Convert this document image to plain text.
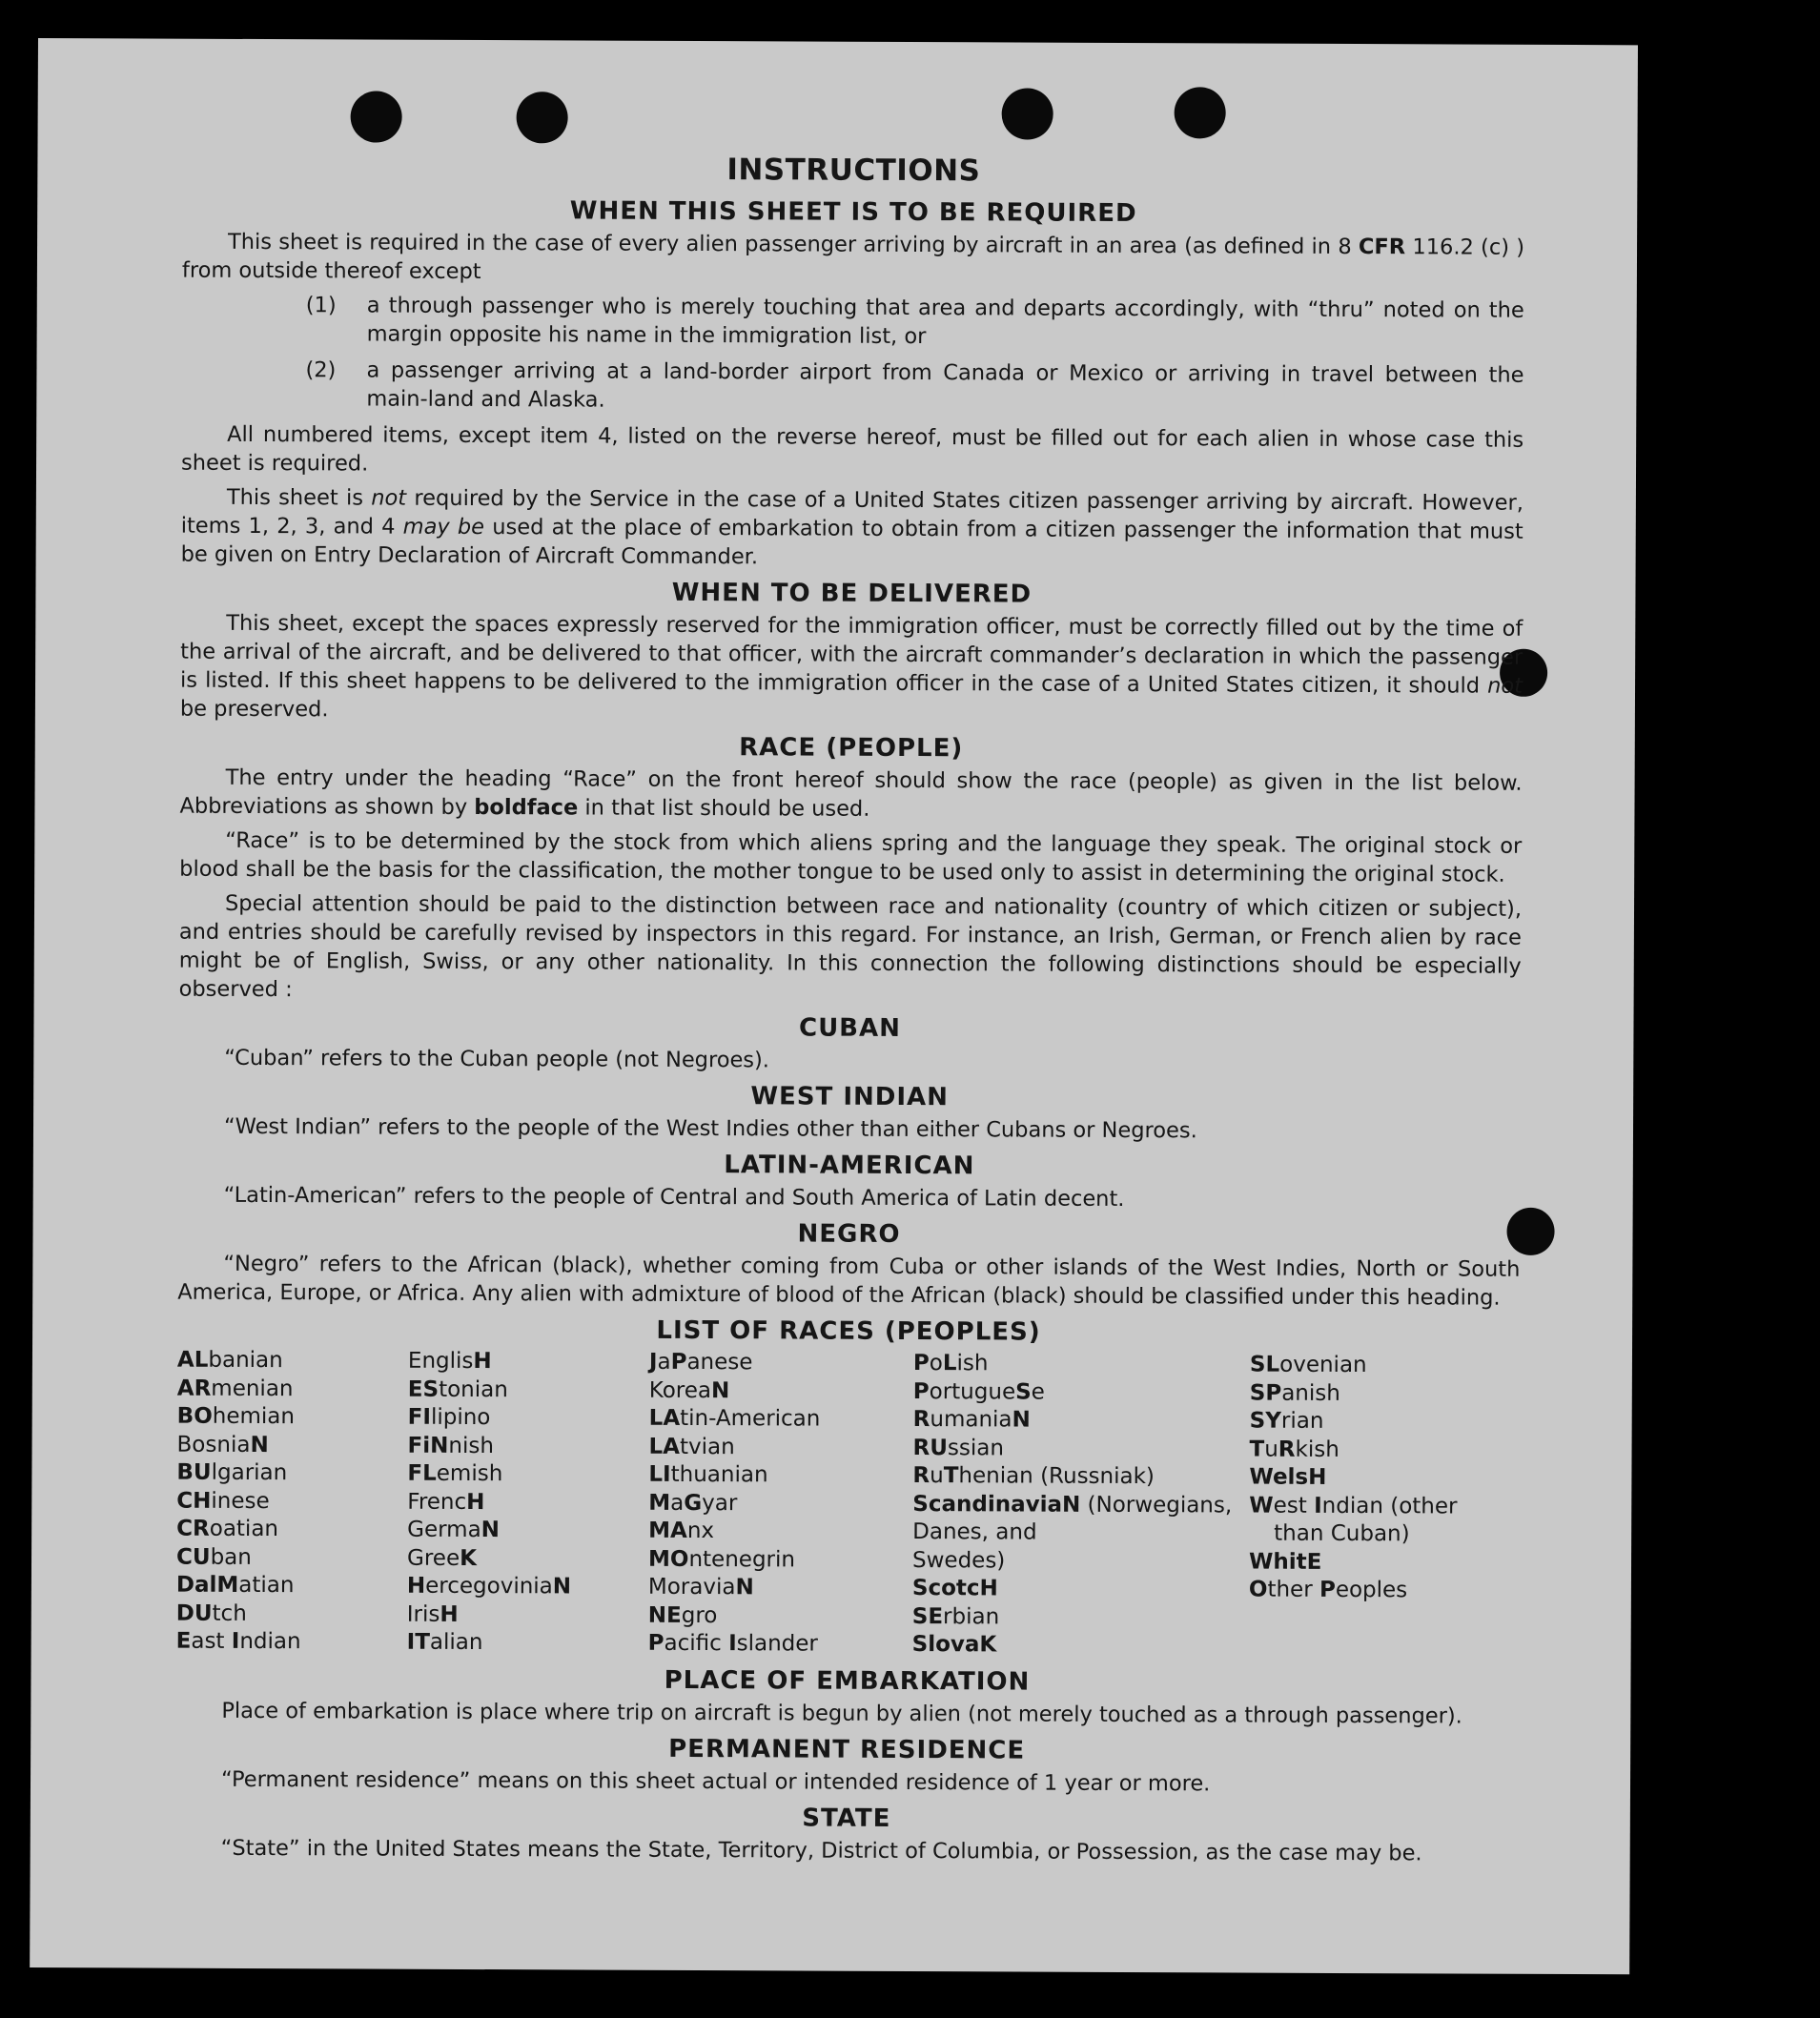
INSTRUCTIONS
WHEN THIS SHEET IS TO BE REQUIRED

This sheet is required in the case of every alien passenger arriving by aircraft in an area (as defined in 8 CFR 116.2 (c) ) from outside thereof except

(1)	a through passenger who is merely touching that area and departs accordingly, with “thru” noted on the margin opposite his name in the immigration list, or
(2)	a passenger arriving at a land-border airport from Canada or Mexico or arriving in travel between the main-land and Alaska.

All numbered items, except item 4, listed on the reverse hereof, must be filled out for each alien in whose case this sheet is required.

This sheet is not required by the Service in the case of a United States citizen passenger arriving by aircraft. However, items 1, 2, 3, and 4 may be used at the place of embarkation to obtain from a citizen passenger the information that must be given on Entry Declaration of Aircraft Commander.

WHEN TO BE DELIVERED

This sheet, except the spaces expressly reserved for the immigration officer, must be correctly filled out by the time of the arrival of the aircraft, and be delivered to that officer, with the aircraft commander’s declaration in which the passenger is listed. If this sheet happens to be delivered to the immigration officer in the case of a United States citizen, it should not be preserved.

RACE (PEOPLE)

The entry under the heading “Race” on the front hereof should show the race (people) as given in the list below. Abbreviations as shown by boldface in that list should be used.

“Race” is to be determined by the stock from which aliens spring and the language they speak. The original stock or blood shall be the basis for the classification, the mother tongue to be used only to assist in determining the original stock.

Special attention should be paid to the distinction between race and nationality (country of which citizen or subject), and entries should be carefully revised by inspectors in this regard. For instance, an Irish, German, or French alien by race might be of English, Swiss, or any other nationality. In this connection the following distinctions should be especially observed :

CUBAN

“Cuban” refers to the Cuban people (not Negroes).

WEST INDIAN

“West Indian” refers to the people of the West Indies other than either Cubans or Negroes.

LATIN-AMERICAN

“Latin-American” refers to the people of Central and South America of Latin decent.

NEGRO

“Negro” refers to the African (black), whether coming from Cuba or other islands of the West Indies, North or South America, Europe, or Africa. Any alien with admixture of blood of the African (black) should be classified under this heading.

LIST OF RACES (PEOPLES)
ALbanian
ARmenian
BOhemian
BosniaN
BUlgarian
CHinese
CRoatian
CUban
DalMatian
DUtch
East Indian
EnglisH
EStonian
FIlipino
FiNnish
FLemish
FrencH
GermaN
GreeK
HercegoviniaN
IrisH
ITalian
JaPanese
KoreaN
LAtin-American
LAtvian
LIthuanian
MaGyar
MAnx
MOntenegrin
MoraviaN
NEgro
Pacific Islander
PoLish
PortugueSe
RumaniaN
RUssian
RuThenian (Russniak)
ScandinaviaN (Norwegians,
Danes, and
Swedes)
ScotcH
SErbian
SlovaK
SLovenian
SPanish
SYrian
TuRkish
WelsH
West Indian (other
than Cuban)
WhitE
Other Peoples
PLACE OF EMBARKATION

Place of embarkation is place where trip on aircraft is begun by alien (not merely touched as a through passenger).

PERMANENT RESIDENCE

“Permanent residence” means on this sheet actual or intended residence of 1 year or more.

STATE

“State” in the United States means the State, Territory, District of Columbia, or Possession, as the case may be.
